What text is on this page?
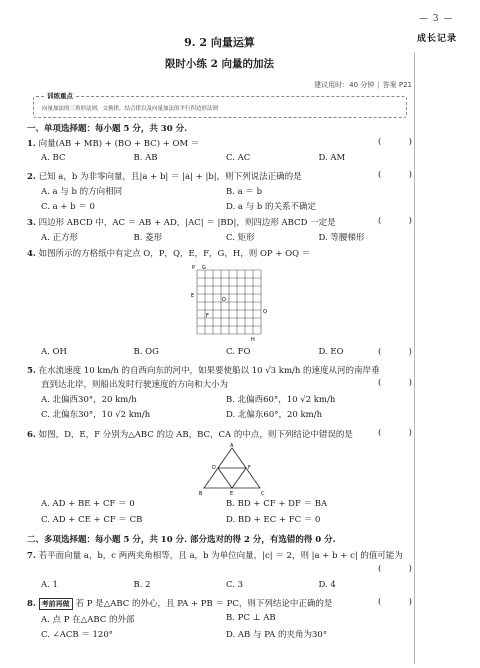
— 3 —
成长记录
9. 2 向量运算
限时小练 2 向量的加法
建议用时：40 分钟 | 答案 P21
训练重点
向量加法的三角形法则，交换律，结合律以及向量加法的平行四边形法则
一、单项选择题：每小题 5 分，共 30 分.
1. 向量(AB + MB) + (BO + BC) + OM ＝	(	)
A. BC	B. AB	C. AC	D. AM
2. 已知 a，b 为非零向量，且|a + b| ＝ |a| + |b|，则下列说法正确的是	(	)
A. a 与 b 的方向相同	B. a ＝ b
C. a + b ＝ 0	D. a 与 b 的关系不确定
3. 四边形 ABCD 中，AC ＝ AB + AD，|AC| ＝ |BD|，则四边形 ABCD 一定是	(	)
A. 正方形	B. 菱形	C. 矩形	D. 等腰梯形
4. 如图所示的方格纸中有定点 O，P，Q，E，F，G，H，则 OP + OQ ＝
P G
E
O
F
Q
H
(	)
A. OH	B. OG	C. FO	D. EO
5. 在水流速度 10 km/h 的自西向东的河中，如果要使船以 10 √3 km/h 的速度从河的南岸垂
直到达北岸，则船出发时行驶速度的方向和大小为	(	)
A. 北偏西30°，20 km/h	B. 北偏西60°，10 √2 km/h
C. 北偏东30°，10 √2 km/h	D. 北偏东60°，20 km/h
6. 如图，D，E，F 分别为△ABC 的边 AB，BC，CA 的中点，则下列结论中错误的是	(	)
A
B	C
D
E
F
A. AD + BE + CF ＝ 0	B. BD + CF + DF ＝ BA
C. AD + CE + CF ＝ CB	D. BD + EC + FC ＝ 0
二、多项选择题：每小题 5 分，共 10 分. 部分选对的得 2 分，有选错的得 0 分.
7. 若平面向量 a，b，c 两两夹角相等，且 a，b 为单位向量，|c| ＝ 2，则 |a + b + c| 的值可能为
(	)
A. 1	B. 2	C. 3	D. 4
8. 考前再做 若 P 是△ABC 的外心，且 PA + PB ＝ PC，则下列结论中正确的是	(	)
A. 点 P 在△ABC 的外部	B. PC ⊥ AB
C. ∠ACB ＝ 120°	D. AB 与 PA 的夹角为30°
